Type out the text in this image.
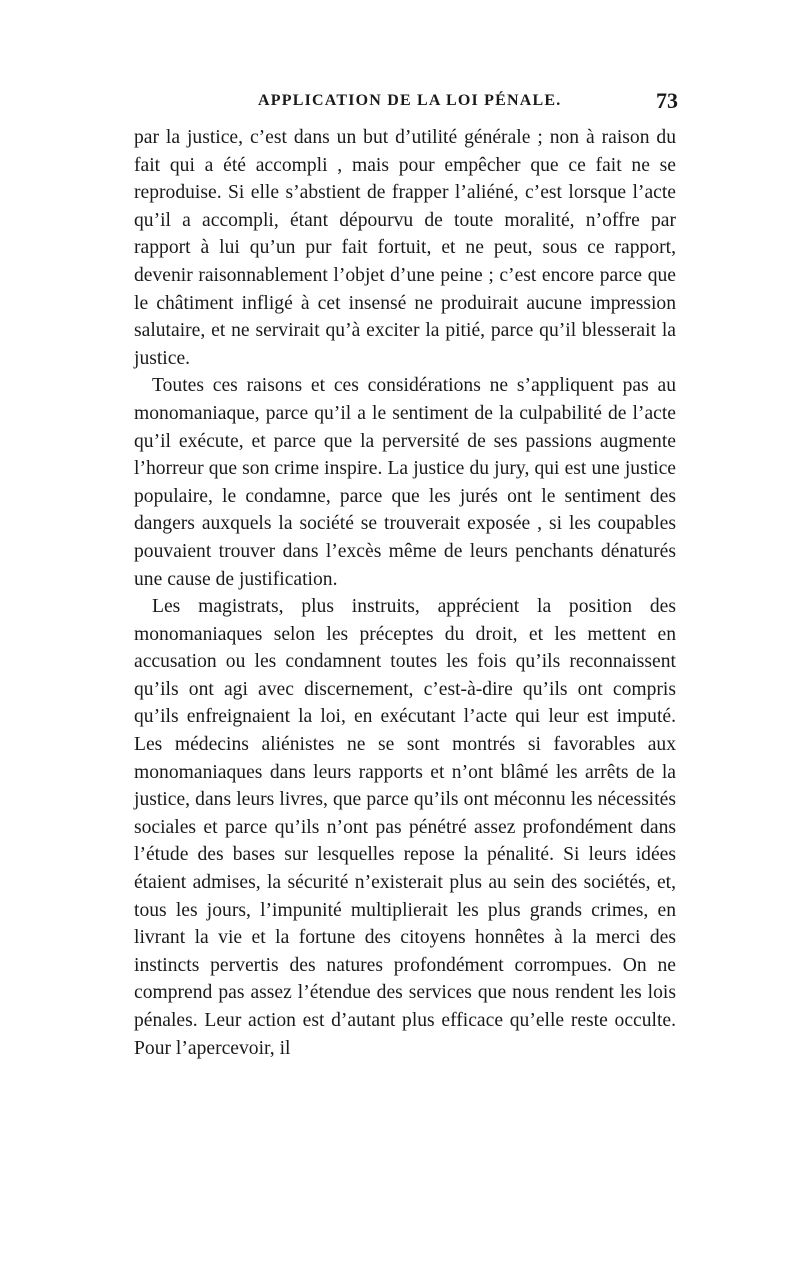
APPLICATION DE LA LOI PÉNALE.	73

par la justice, c’est dans un but d’utilité générale ; non à raison du fait qui a été accompli , mais pour empêcher que ce fait ne se reproduise. Si elle s’abstient de frapper l’aliéné, c’est lorsque l’acte qu’il a accompli, étant dépourvu de toute moralité, n’offre par rapport à lui qu’un pur fait fortuit, et ne peut, sous ce rapport, devenir raisonnablement l’objet d’une peine ; c’est encore parce que le châtiment infligé à cet insensé ne produirait aucune impression salutaire, et ne servirait qu’à exciter la pitié, parce qu’il blesserait la justice.

Toutes ces raisons et ces considérations ne s’appliquent pas au monomaniaque, parce qu’il a le sentiment de la culpabilité de l’acte qu’il exécute, et parce que la perversité de ses passions augmente l’horreur que son crime inspire. La justice du jury, qui est une justice populaire, le condamne, parce que les jurés ont le sentiment des dangers auxquels la société se trouverait exposée , si les coupables pouvaient trouver dans l’excès même de leurs penchants dénaturés une cause de justification.

Les magistrats, plus instruits, apprécient la position des monomaniaques selon les préceptes du droit, et les mettent en accusation ou les condamnent toutes les fois qu’ils reconnaissent qu’ils ont agi avec discernement, c’est-à-dire qu’ils ont compris qu’ils enfreignaient la loi, en exécutant l’acte qui leur est imputé. Les médecins aliénistes ne se sont montrés si favorables aux monomaniaques dans leurs rapports et n’ont blâmé les arrêts de la justice, dans leurs livres, que parce qu’ils ont méconnu les nécessités sociales et parce qu’ils n’ont pas pénétré assez profondément dans l’étude des bases sur lesquelles repose la pénalité. Si leurs idées étaient admises, la sécurité n’existerait plus au sein des sociétés, et, tous les jours, l’impunité multiplierait les plus grands crimes, en livrant la vie et la fortune des citoyens honnêtes à la merci des instincts pervertis des natures profondément corrompues. On ne comprend pas assez l’étendue des services que nous rendent les lois pénales. Leur action est d’autant plus efficace qu’elle reste occulte. Pour l’apercevoir, il
